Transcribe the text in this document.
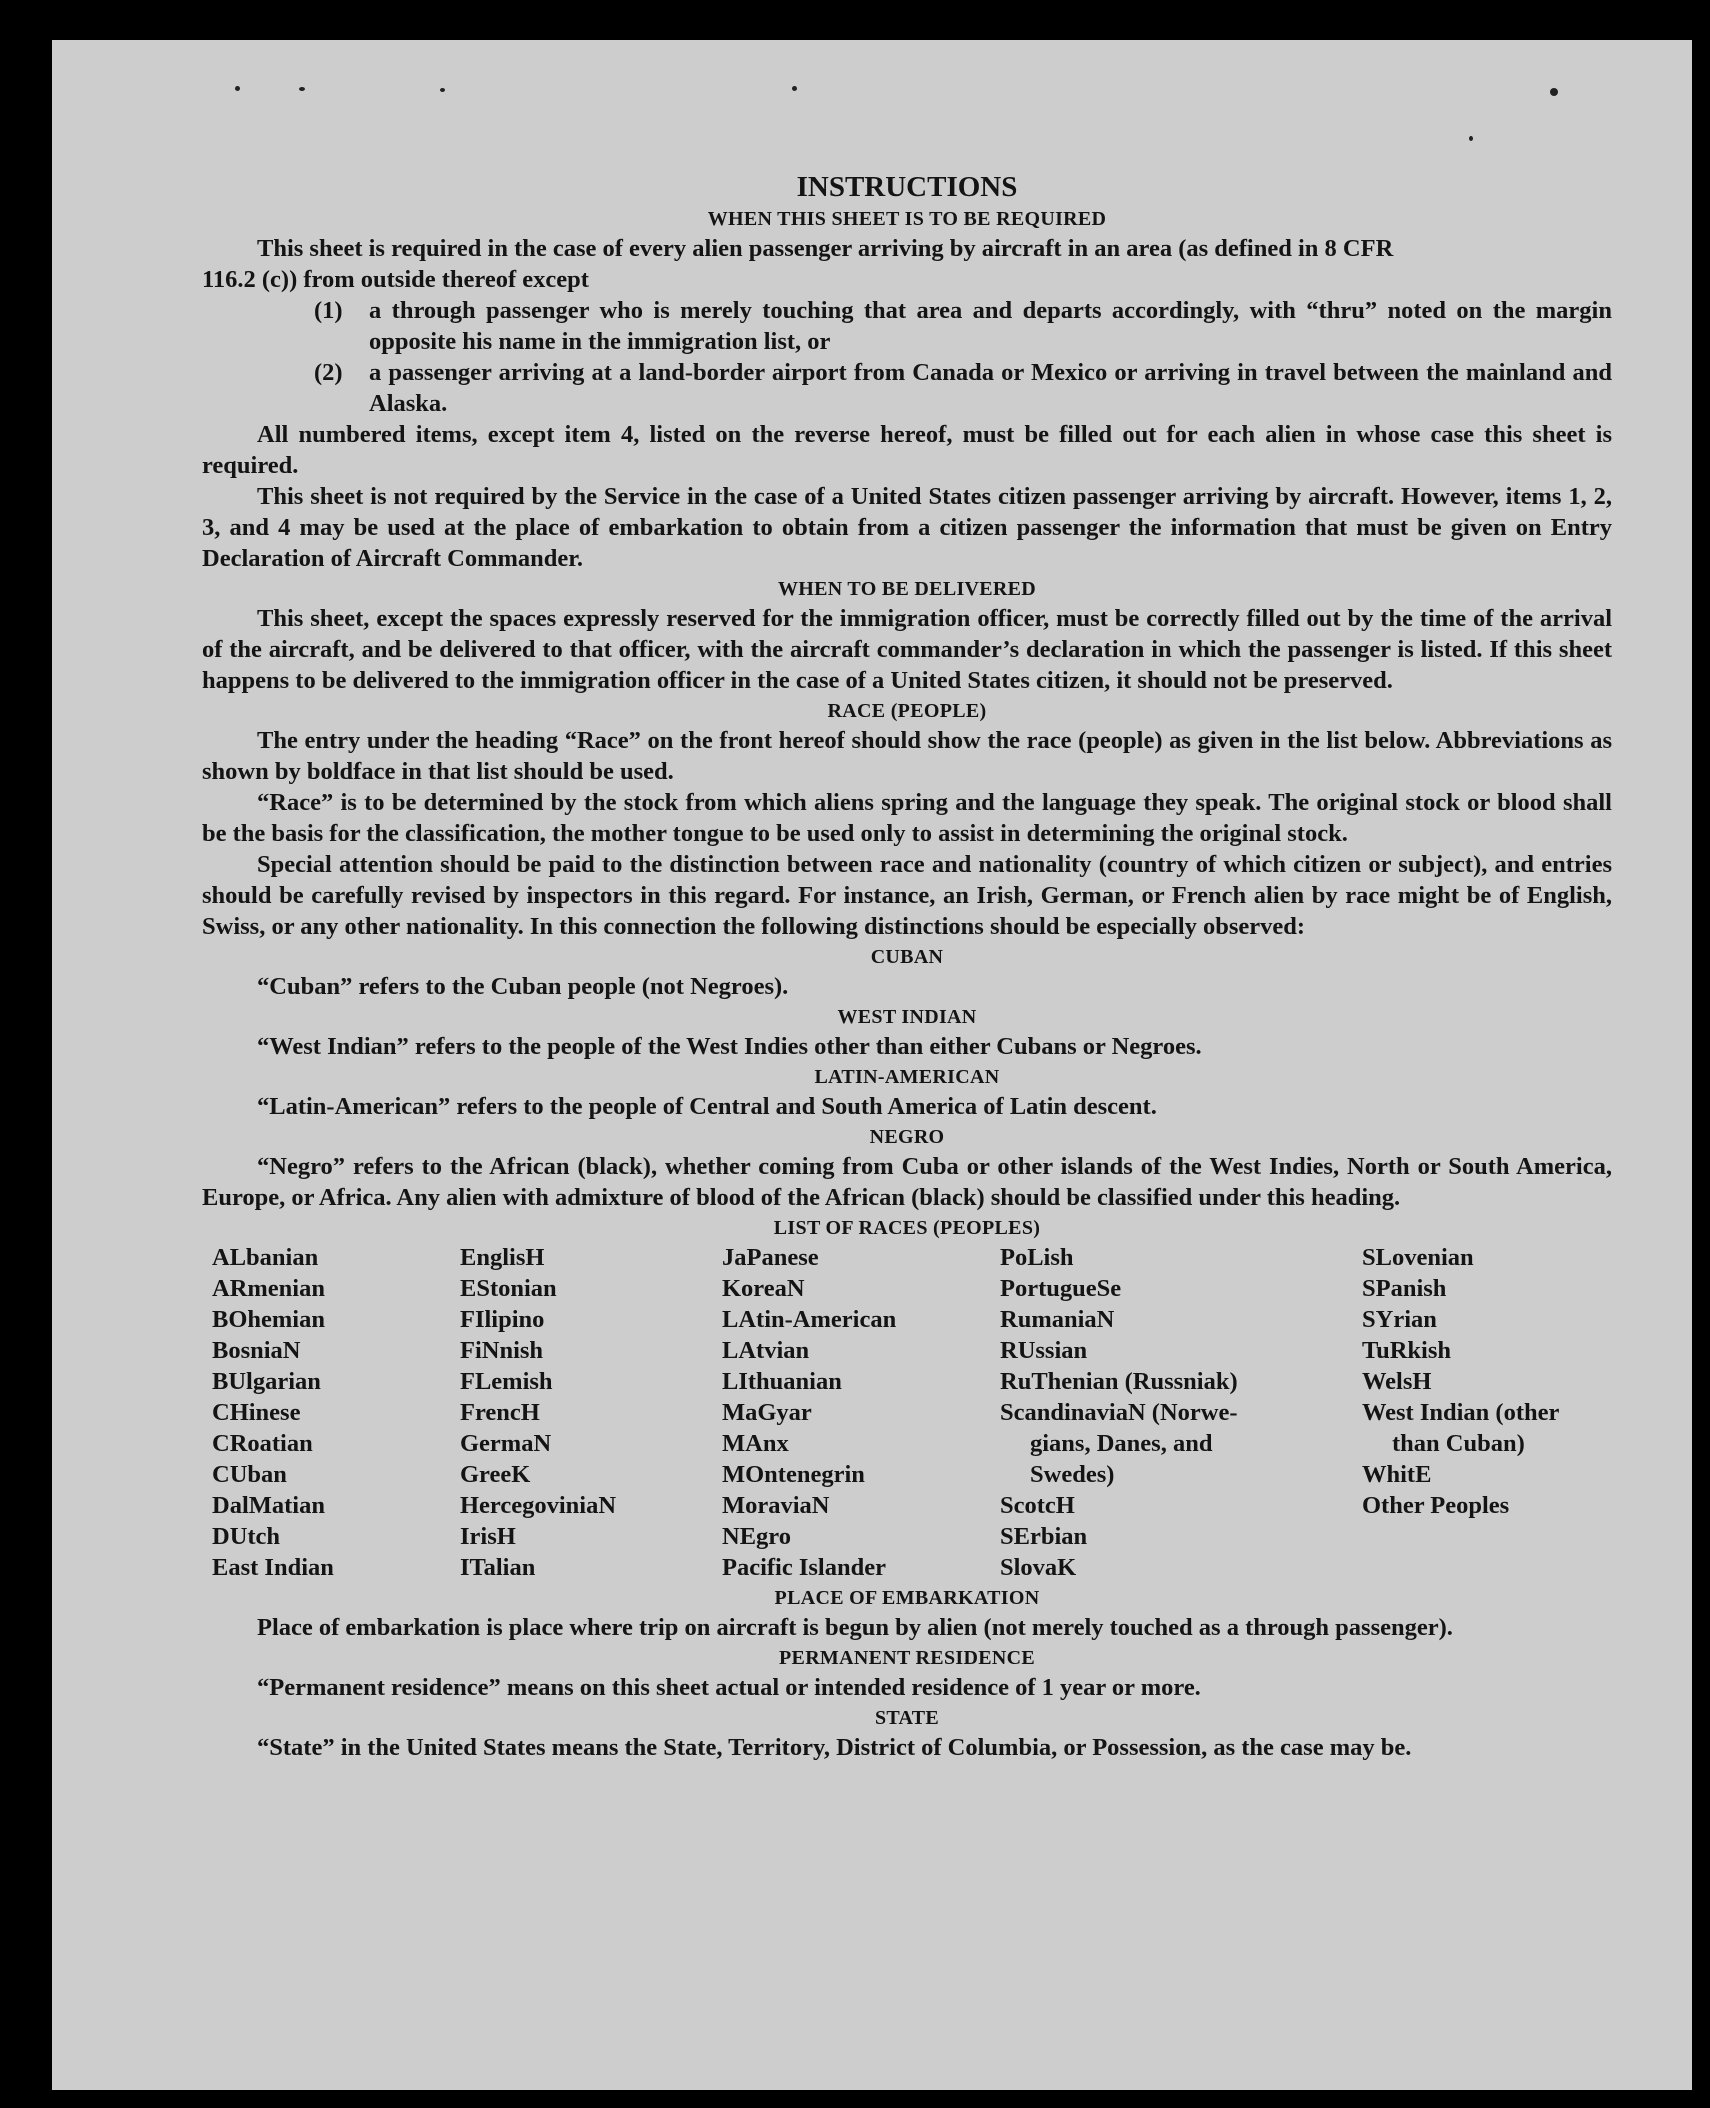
INSTRUCTIONS
WHEN THIS SHEET IS TO BE REQUIRED
This sheet is required in the case of every alien passenger arriving by aircraft in an area (as defined in 8 CFR
116.2 (c)) from outside thereof except
(1)	a through passenger who is merely touching that area and departs accordingly, with “thru” noted on the margin opposite his name in the immigration list, or
(2)	a passenger arriving at a land-border airport from Canada or Mexico or arriving in travel between the mainland and Alaska.
All numbered items, except item 4, listed on the reverse hereof, must be filled out for each alien in whose case this sheet is required.
This sheet is not required by the Service in the case of a United States citizen passenger arriving by aircraft. However, items 1, 2, 3, and 4 may be used at the place of embarkation to obtain from a citizen passenger the information that must be given on Entry Declaration of Aircraft Commander.
WHEN TO BE DELIVERED
This sheet, except the spaces expressly reserved for the immigration officer, must be correctly filled out by the time of the arrival of the aircraft, and be delivered to that officer, with the aircraft commander’s declaration in which the passenger is listed. If this sheet happens to be delivered to the immigration officer in the case of a United States citizen, it should not be preserved.
RACE (PEOPLE)
The entry under the heading “Race” on the front hereof should show the race (people) as given in the list below. Abbreviations as shown by boldface in that list should be used.
“Race” is to be determined by the stock from which aliens spring and the language they speak. The original stock or blood shall be the basis for the classification, the mother tongue to be used only to assist in determining the original stock.
Special attention should be paid to the distinction between race and nationality (country of which citizen or subject), and entries should be carefully revised by inspectors in this regard. For instance, an Irish, German, or French alien by race might be of English, Swiss, or any other nationality. In this connection the following distinctions should be especially observed:
CUBAN
“Cuban” refers to the Cuban people (not Negroes).
WEST INDIAN
“West Indian” refers to the people of the West Indies other than either Cubans or Negroes.
LATIN-AMERICAN
“Latin-American” refers to the people of Central and South America of Latin descent.
NEGRO
“Negro” refers to the African (black), whether coming from Cuba or other islands of the West Indies, North or South America, Europe, or Africa. Any alien with admixture of blood of the African (black) should be classified under this heading.
LIST OF RACES (PEOPLES)
ALbanian
ARmenian
BOhemian
BosniaN
BUlgarian
CHinese
CRoatian
CUban
DalMatian
DUtch
East Indian
EnglisH
EStonian
FIlipino
FiNnish
FLemish
FrencH
GermaN
GreeK
HercegoviniaN
IrisH
ITalian
JaPanese
KoreaN
LAtin-American
LAtvian
LIthuanian
MaGyar
MAnx
MOntenegrin
MoraviaN
NEgro
Pacific Islander
PoLish
PortugueSe
RumaniaN
RUssian
RuThenian (Russniak)
ScandinaviaN (Norwe-
gians, Danes, and
Swedes)
ScotcH
SErbian
SlovaK
SLovenian
SPanish
SYrian
TuRkish
WelsH
West Indian (other
than Cuban)
WhitE
Other Peoples
PLACE OF EMBARKATION
Place of embarkation is place where trip on aircraft is begun by alien (not merely touched as a through passenger).
PERMANENT RESIDENCE
“Permanent residence” means on this sheet actual or intended residence of 1 year or more.
STATE
“State” in the United States means the State, Territory, District of Columbia, or Possession, as the case may be.
